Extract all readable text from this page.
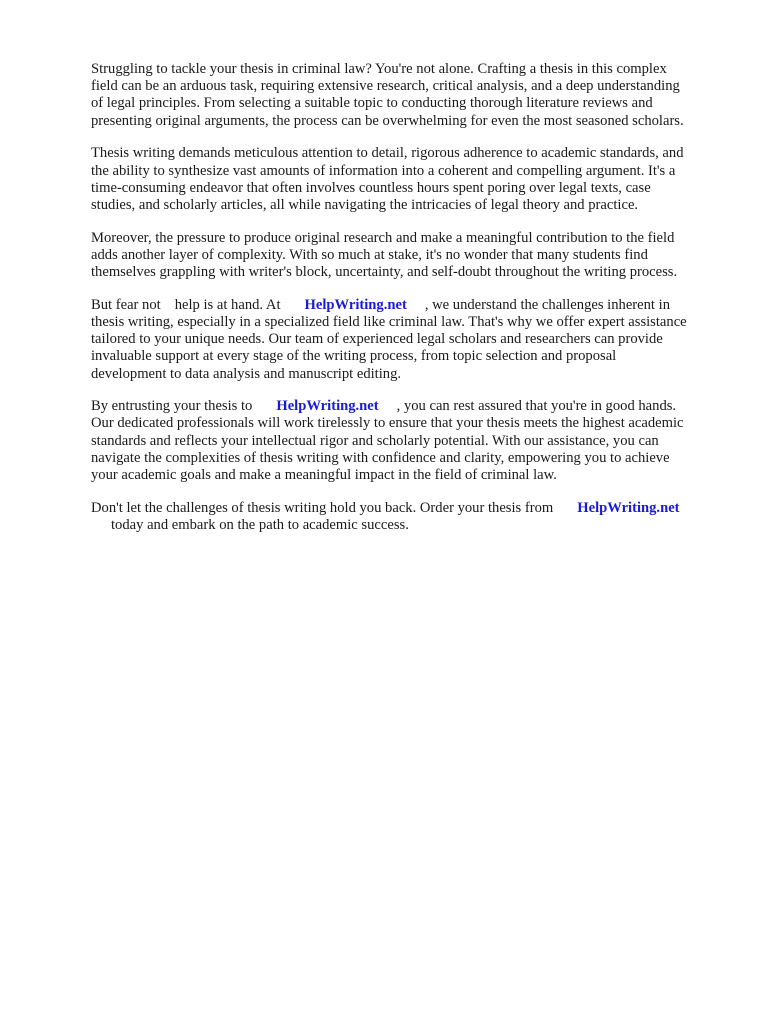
Struggling to tackle your thesis in criminal law? You're not alone. Crafting a thesis in this complex
field can be an arduous task, requiring extensive research, critical analysis, and a deep understanding
of legal principles. From selecting a suitable topic to conducting thorough literature reviews and
presenting original arguments, the process can be overwhelming for even the most seasoned scholars.

Thesis writing demands meticulous attention to detail, rigorous adherence to academic standards, and
the ability to synthesize vast amounts of information into a coherent and compelling argument. It's a
time-consuming endeavor that often involves countless hours spent poring over legal texts, case
studies, and scholarly articles, all while navigating the intricacies of legal theory and practice.

Moreover, the pressure to produce original research and make a meaningful contribution to the field
adds another layer of complexity. With so much at stake, it's no wonder that many students find
themselves grappling with writer's block, uncertainty, and self-doubt throughout the writing process.

But fear not help is at hand. At HelpWriting.net , we understand the challenges inherent in
thesis writing, especially in a specialized field like criminal law. That's why we offer expert assistance
tailored to your unique needs. Our team of experienced legal scholars and researchers can provide
invaluable support at every stage of the writing process, from topic selection and proposal
development to data analysis and manuscript editing.

By entrusting your thesis to HelpWriting.net , you can rest assured that you're in good hands.
Our dedicated professionals will work tirelessly to ensure that your thesis meets the highest academic
standards and reflects your intellectual rigor and scholarly potential. With our assistance, you can
navigate the complexities of thesis writing with confidence and clarity, empowering you to achieve
your academic goals and make a meaningful impact in the field of criminal law.

Don't let the challenges of thesis writing hold you back. Order your thesis from HelpWriting.net
today and embark on the path to academic success.
